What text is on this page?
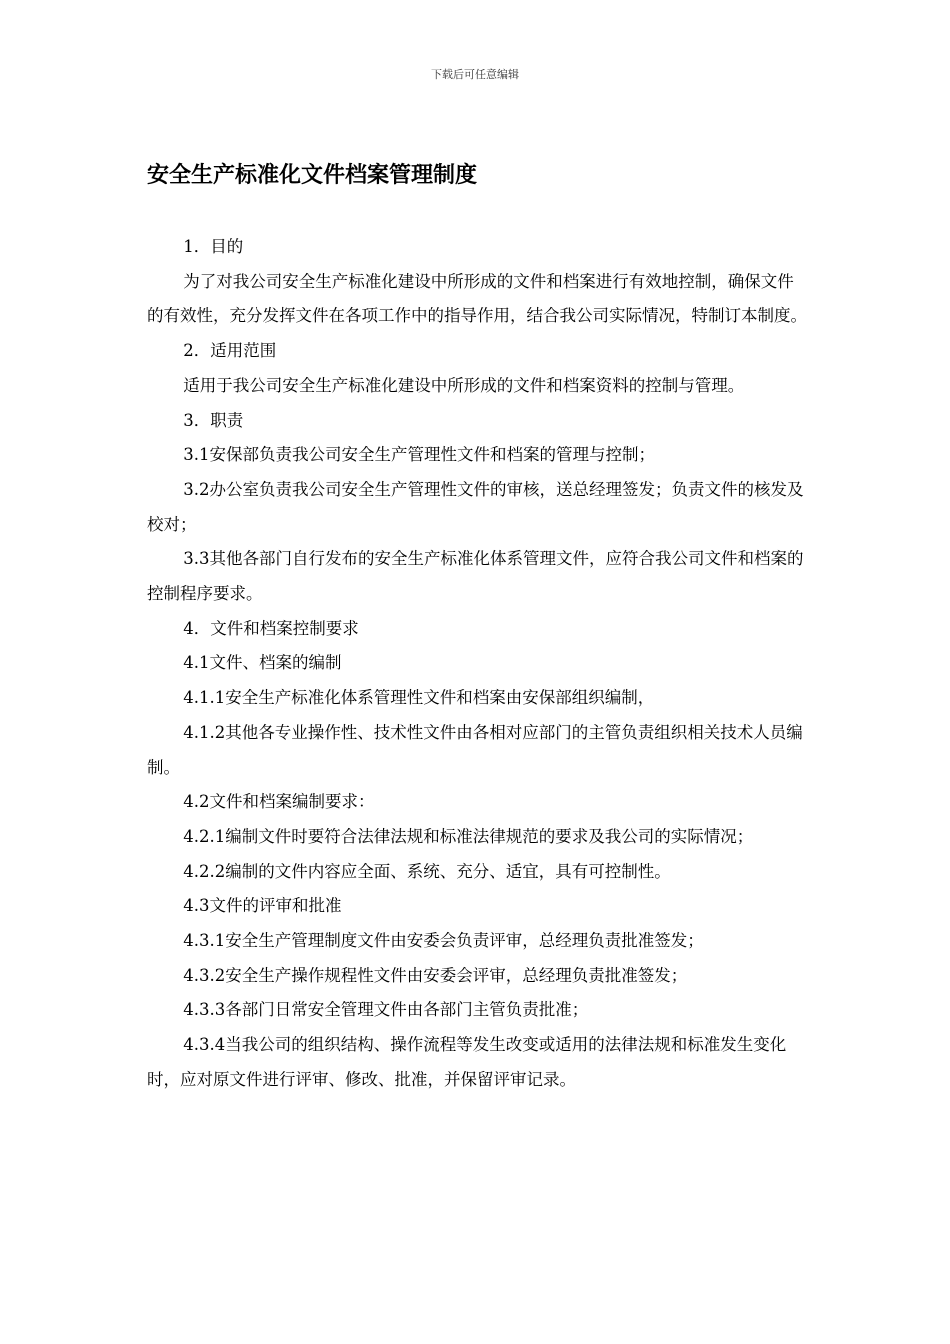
下载后可任意编辑
安全生产标准化文件档案管理制度

1．目的

为了对我公司安全生产标准化建设中所形成的文件和档案进行有效地控制，确保文件的有效性，充分发挥文件在各项工作中的指导作用，结合我公司实际情况，特制订本制度。

2．适用范围

适用于我公司安全生产标准化建设中所形成的文件和档案资料的控制与管理。

3．职责

3.1安保部负责我公司安全生产管理性文件和档案的管理与控制；

3.2办公室负责我公司安全生产管理性文件的审核，送总经理签发；负责文件的核发及校对；

3.3其他各部门自行发布的安全生产标准化体系管理文件，应符合我公司文件和档案的控制程序要求。

4．文件和档案控制要求

4.1文件、档案的编制

4.1.1安全生产标准化体系管理性文件和档案由安保部组织编制，

4.1.2其他各专业操作性、技术性文件由各相对应部门的主管负责组织相关技术人员编制。

4.2文件和档案编制要求：

4.2.1编制文件时要符合法律法规和标准法律规范的要求及我公司的实际情况；

4.2.2编制的文件内容应全面、系统、充分、适宜，具有可控制性。

4.3文件的评审和批准

4.3.1安全生产管理制度文件由安委会负责评审，总经理负责批准签发；

4.3.2安全生产操作规程性文件由安委会评审，总经理负责批准签发；

4.3.3各部门日常安全管理文件由各部门主管负责批准；

4.3.4当我公司的组织结构、操作流程等发生改变或适用的法律法规和标准发生变化时，应对原文件进行评审、修改、批准，并保留评审记录。
